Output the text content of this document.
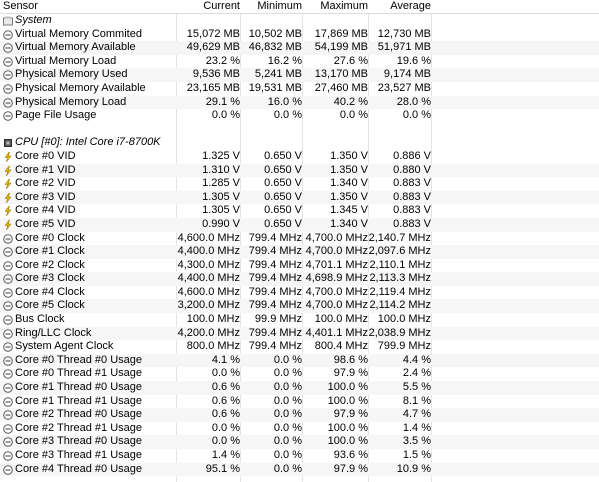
Sensor	Current	Minimum	Maximum	Average
System
Virtual Memory Commited	15,072 MB 10,502 MB	17,869 MB 12,730 MB
Virtual Memory Available	49,629 MB 46,832 MB	54,199 MB 51,971 MB
Virtual Memory Load	23.2 %	16.2 %	27.6 %	19.6 %
Physical Memory Used	9,536 MB	5,241 MB	13,170 MB	9,174 MB
Physical Memory Available	23,165 MB 19,531 MB	27,460 MB 23,527 MB
Physical Memory Load	29.1 %	16.0 %	40.2 %	28.0 %
Page File Usage	0.0 %	0.0 %	0.0 %	0.0 %
CPU [#0]: Intel Core i7-8700K
Core #0 VID	1.325 V	0.650 V	1.350 V	0.886 V
Core #1 VID	1.310 V	0.650 V	1.350 V	0.880 V
Core #2 VID	1.285 V	0.650 V	1.340 V	0.883 V
Core #3 VID	1.305 V	0.650 V	1.350 V	0.883 V
Core #4 VID	1.305 V	0.650 V	1.345 V	0.883 V
Core #5 VID	0.990 V	0.650 V	1.340 V	0.883 V
Core #0 Clock	4,600.0 MHz 799.4 MHz 4,700.0 MHz 2,140.7 MHz
Core #1 Clock	4,400.0 MHz 799.4 MHz 4,700.0 MHz 2,097.6 MHz
Core #2 Clock	4,300.0 MHz 799.4 MHz 4,701.1 MHz 2,110.1 MHz
Core #3 Clock	4,400.0 MHz 799.4 MHz 4,698.9 MHz 2,113.3 MHz
Core #4 Clock	4,600.0 MHz 799.4 MHz 4,700.0 MHz 2,119.4 MHz
Core #5 Clock	3,200.0 MHz 799.4 MHz 4,700.0 MHz 2,114.2 MHz
Bus Clock	100.0 MHz	99.9 MHz	100.0 MHz 100.0 MHz
Ring/LLC Clock	4,200.0 MHz 799.4 MHz 4,401.1 MHz 2,038.9 MHz
System Agent Clock	800.0 MHz 799.4 MHz	800.4 MHz 799.9 MHz
Core #0 Thread #0 Usage	4.1 %	0.0 %	98.6 %	4.4 %
Core #0 Thread #1 Usage	0.0 %	0.0 %	97.9 %	2.4 %
Core #1 Thread #0 Usage	0.6 %	0.0 %	100.0 %	5.5 %
Core #1 Thread #1 Usage	0.6 %	0.0 %	100.0 %	8.1 %
Core #2 Thread #0 Usage	0.6 %	0.0 %	97.9 %	4.7 %
Core #2 Thread #1 Usage	0.0 %	0.0 %	100.0 %	1.4 %
Core #3 Thread #0 Usage	0.0 %	0.0 %	100.0 %	3.5 %
Core #3 Thread #1 Usage	1.4 %	0.0 %	93.6 %	1.5 %
Core #4 Thread #0 Usage	95.1 %	0.0 %	97.9 %	10.9 %
